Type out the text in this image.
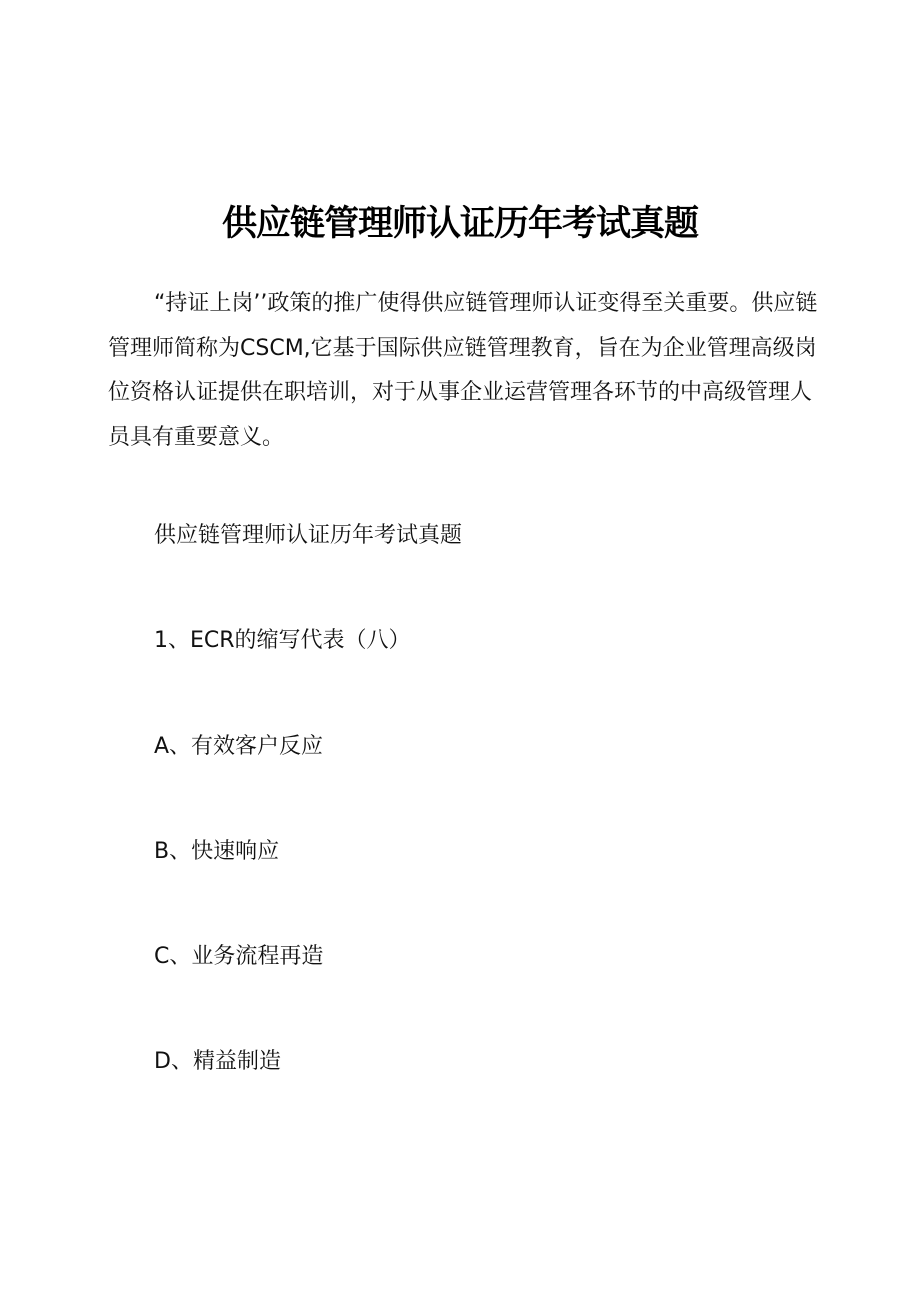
供应链管理师认证历年考试真题

“持证上岗’’政策的推广使得供应链管理师认证变得至关重要。供应链管理师简称为CSCM,它基于国际供应链管理教育，旨在为企业管理高级岗位资格认证提供在职培训，对于从事企业运营管理各环节的中高级管理人员具有重要意义。

供应链管理师认证历年考试真题

1、ECR的缩写代表（八）

A、有效客户反应

B、快速响应

C、业务流程再造

D、精益制造
